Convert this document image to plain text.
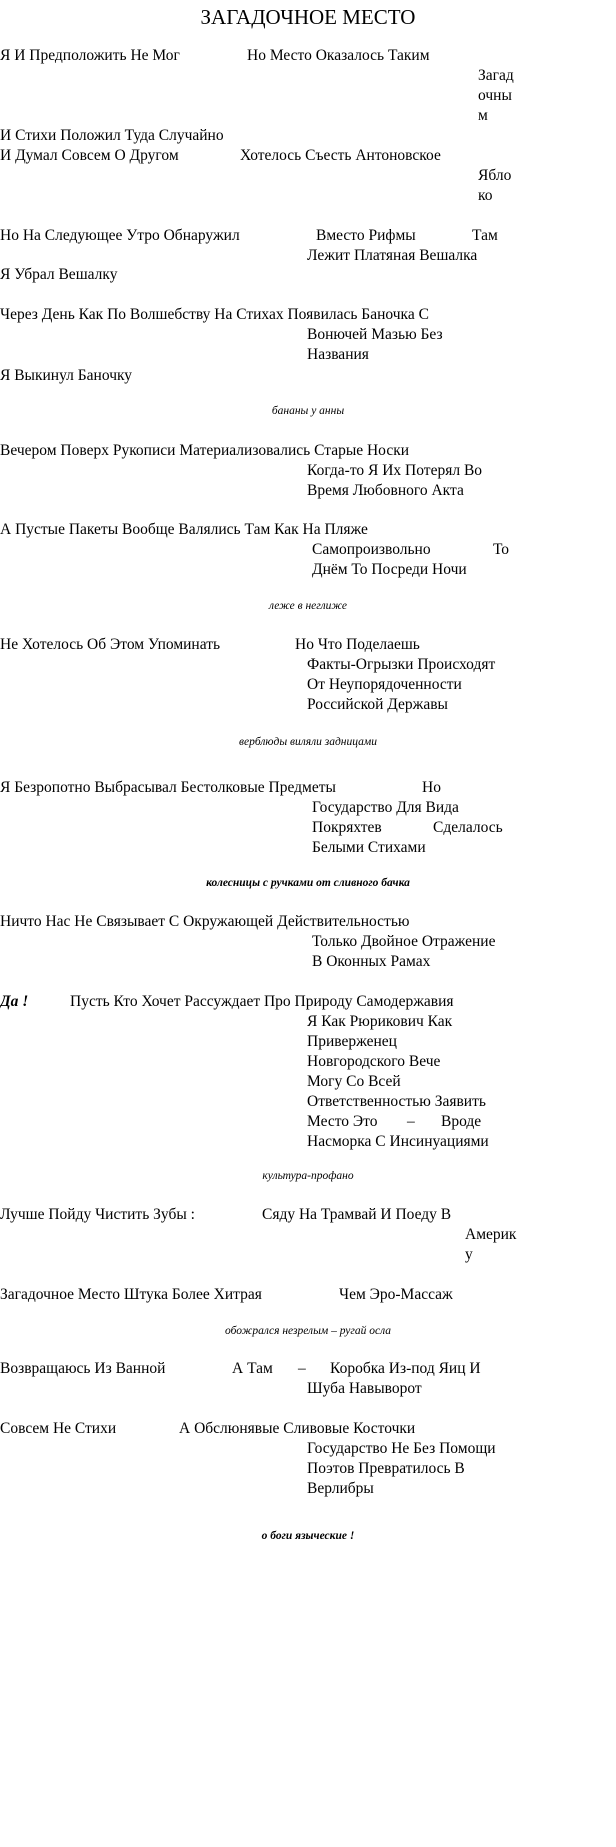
ЗАГАДОЧНОЕ МЕСТО
Я И Предположить Не Мог	Но Место Оказалось Таким
Загад
очны
м
И Стихи Положил Туда Случайно
И Думал Совсем О Другом	Хотелось Съесть Антоновское
Ябло
ко
Но На Следующее Утро Обнаружил	Вместо Рифмы	Там
Лежит Платяная Вешалка
Я Убрал Вешалку
Через День Как По Волшебству На Стихах Появилась Баночка С
Вонючей Мазью Без
Названия
Я Выкинул Баночку
бананы у анны
Вечером Поверх Рукописи Материализовались Старые Носки
Когда-то Я Их Потерял Во
Время Любовного Акта
А Пустые Пакеты Вообще Валялись Там Как На Пляже
Самопроизвольно	То
Днём То Посреди Ночи
леже в неглиже
Не Хотелось Об Этом Упоминать	Но Что Поделаешь
Факты-Огрызки Происходят
От Неупорядоченности
Российской Державы
верблюды виляли задницами
Я Безропотно Выбрасывал Бестолковые Предметы	Но
Государство Для Вида
Покряхтев	Сделалось
Белыми Стихами
колесницы с ручками от сливного бачка
Ничто Нас Не Связывает С Окружающей Действительностью
Только Двойное Отражение
В Оконных Рамах
Да !	Пусть Кто Хочет Рассуждает Про Природу Самодержавия
Я Как Рюрикович Как
Приверженец
Новгородского Вече
Могу Со Всей
Ответственностью Заявить
Место Это – Вроде
Насморка С Инсинуациями
культура-профано
Лучше Пойду Чистить Зубы :	Сяду На Трамвай И Поеду В
Америк
у
Загадочное Место Штука Более Хитрая	Чем Эро-Массаж
обожрался незрелым – ругай осла
Возвращаюсь Из Ванной	А Там – Коробка Из-под Яиц И
Шуба Навыворот
Совсем Не Стихи	А Обслюнявые Сливовые Косточки
Государство Не Без Помощи
Поэтов Превратилось В
Верлибры
о боги языческие !
